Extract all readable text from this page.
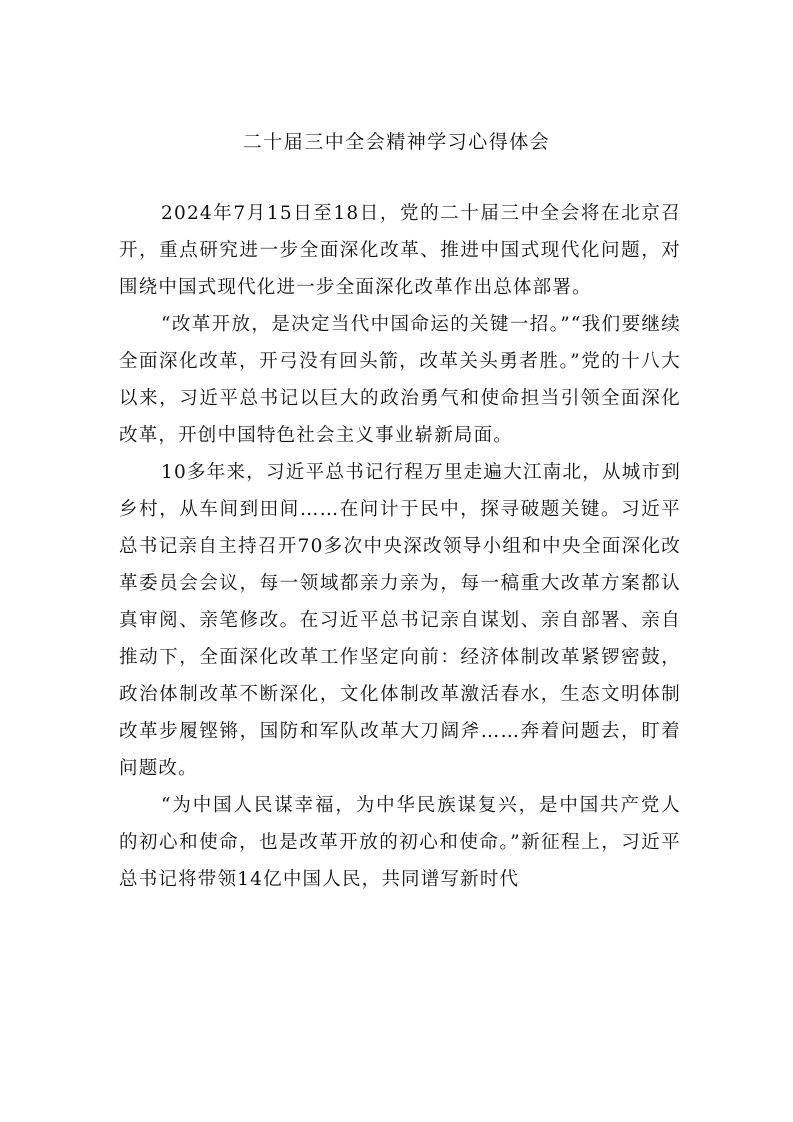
二十届三中全会精神学习心得体会

2024年7月15日至18日，党的二十届三中全会将在北京召开，重点研究进一步全面深化改革、推进中国式现代化问题，对围绕中国式现代化进一步全面深化改革作出总体部署。

“改革开放，是决定当代中国命运的关键一招。”“我们要继续全面深化改革，开弓没有回头箭，改革关头勇者胜。”党的十八大以来，习近平总书记以巨大的政治勇气和使命担当引领全面深化改革，开创中国特色社会主义事业崭新局面。

10多年来，习近平总书记行程万里走遍大江南北，从城市到乡村，从车间到田间……在问计于民中，探寻破题关键。习近平总书记亲自主持召开70多次中央深改领导小组和中央全面深化改革委员会会议，每一领域都亲力亲为，每一稿重大改革方案都认真审阅、亲笔修改。在习近平总书记亲自谋划、亲自部署、亲自推动下，全面深化改革工作坚定向前：经济体制改革紧锣密鼓，政治体制改革不断深化，文化体制改革激活春水，生态文明体制改革步履铿锵，国防和军队改革大刀阔斧……奔着问题去，盯着问题改。

“为中国人民谋幸福，为中华民族谋复兴，是中国共产党人的初心和使命，也是改革开放的初心和使命。”新征程上，习近平总书记将带领14亿中国人民，共同谱写新时代
